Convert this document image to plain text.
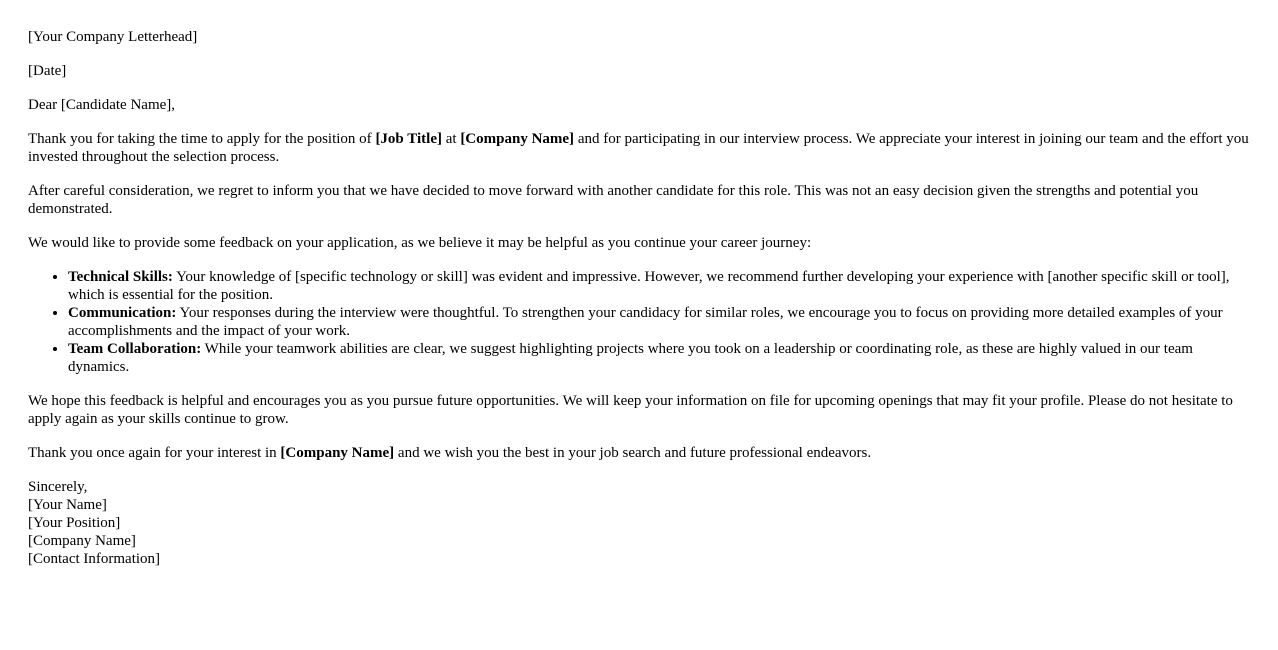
[Your Company Letterhead]

[Date]

Dear [Candidate Name],

Thank you for taking the time to apply for the position of [Job Title] at [Company Name] and for participating in our interview process. We appreciate your interest in joining our team and the effort you invested throughout the selection process.

After careful consideration, we regret to inform you that we have decided to move forward with another candidate for this role. This was not an easy decision given the strengths and potential you demonstrated.

We would like to provide some feedback on your application, as we believe it may be helpful as you continue your career journey:

• Technical Skills: Your knowledge of [specific technology or skill] was evident and impressive. However, we recommend further developing your experience with [another specific skill or tool], which is essential for the position.
• Communication: Your responses during the interview were thoughtful. To strengthen your candidacy for similar roles, we encourage you to focus on providing more detailed examples of your accomplishments and the impact of your work.
• Team Collaboration: While your teamwork abilities are clear, we suggest highlighting projects where you took on a leadership or coordinating role, as these are highly valued in our team dynamics.

We hope this feedback is helpful and encourages you as you pursue future opportunities. We will keep your information on file for upcoming openings that may fit your profile. Please do not hesitate to apply again as your skills continue to grow.

Thank you once again for your interest in [Company Name] and we wish you the best in your job search and future professional endeavors.

Sincerely,
[Your Name]
[Your Position]
[Company Name]
[Contact Information]
